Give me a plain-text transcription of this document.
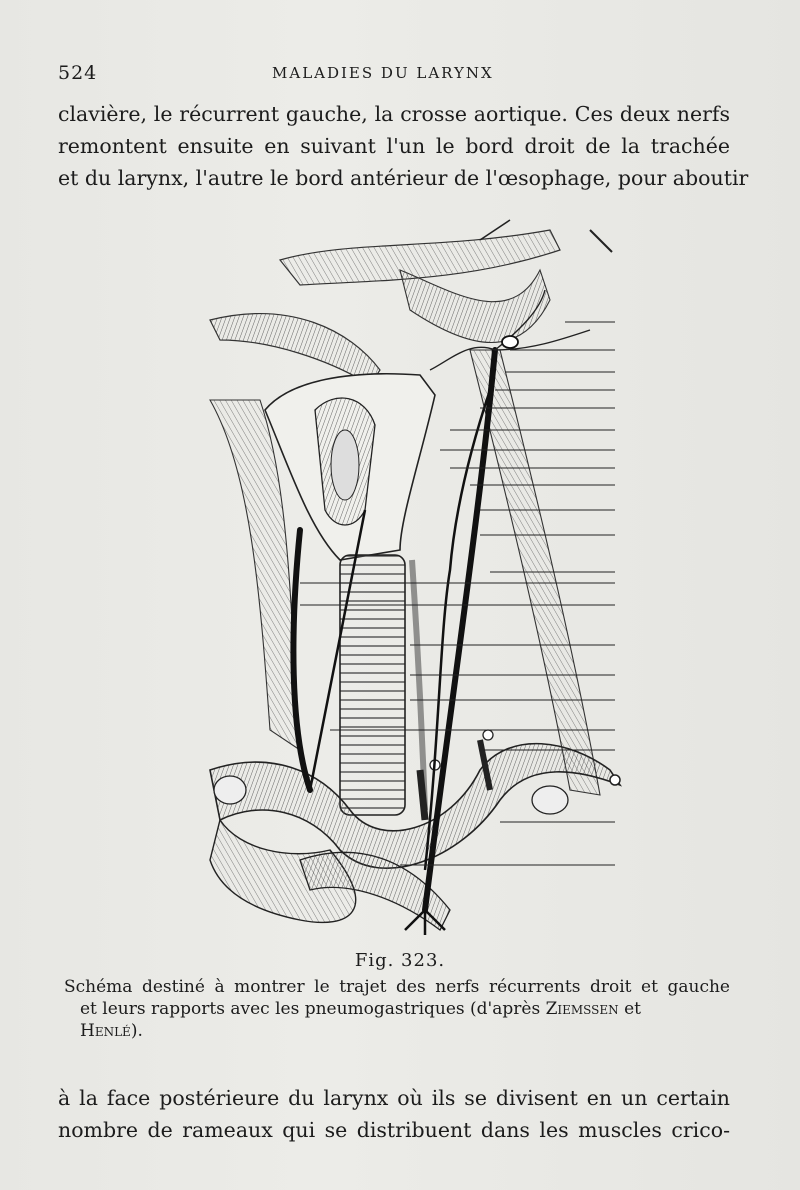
524	MALADIES DU LARYNX
clavière, le récurrent gauche, la crosse aortique. Ces deux nerfs
remontent ensuite en suivant l'un le bord droit de la trachée
et du larynx, l'autre le bord antérieur de l'œsophage, pour aboutir
Fig. 323.
Schéma destiné à montrer le trajet des nerfs récurrents droit et gauche
et leurs rapports avec les pneumogastriques (d'après Ziemssen et
Henlé).
à la face postérieure du larynx où ils se divisent en un certain
nombre de rameaux qui se distribuent dans les muscles crico-
